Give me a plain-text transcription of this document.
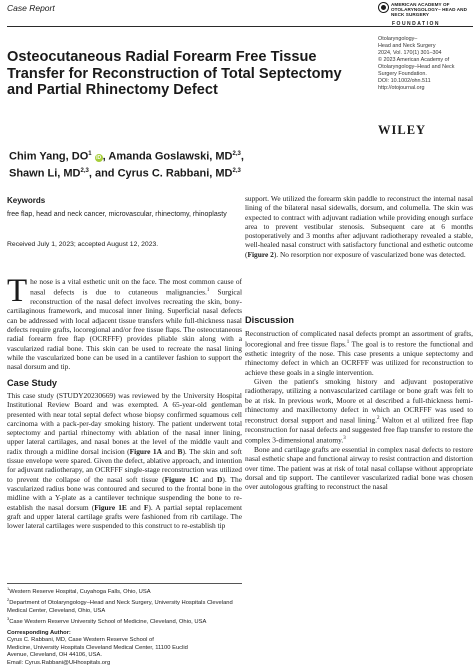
Case Report	AMERICAN ACADEMY OF OTOLARYNGOLOGY– HEAD AND NECK SURGERY
FOUNDATION
Osteocutaneous Radial Forearm Free Tissue Transfer for Reconstruction of Total Septectomy and Partial Rhinectomy Defect
Otolaryngology–
Head and Neck Surgery
2024, Vol. 170(1) 301–304
© 2023 American Academy of
Otolaryngology–Head and Neck
Surgery Foundation.
DOI: 10.1002/ohn.511
http://otojournal.org
WILEY
Chim Yang, $DO^1$ iD , Amanda Goslawski, MD$^{2,3}$,
Shawn Li, MD$^{2,3}$, and Cyrus C. Rabbani, MD$^{2,3}$
Keywords
free flap, head and neck cancer, microvascular, rhinectomy, rhinoplasty
Received July 1, 2023; accepted August 12, 2023.
The nose is a vital esthetic unit on the face. The most common cause of nasal defects is due to cutaneous malignancies.$^1$ Surgical reconstruction of the nasal defect involves recreating the skin, bony-cartilaginous framework, and mucosal inner lining. Superficial nasal defects can be addressed with local adjacent tissue transfers while full-thickness nasal defects require grafts, locoregional and/or free tissue flaps. The osteocutaneous radial forearm free flap (OCRFFF) provides pliable skin along with a vascularized radial bone. This skin can be used to recreate the nasal lining while the vascularized bone can be used in a cantilever fashion to support the nasal dorsum and tip.
Case Study
This case study (STUDY20230669) was reviewed by the University Hospital Institutional Review Board and was exempted. A 65-year-old gentleman presented with near total septal defect whose biopsy confirmed squamous cell carcinoma with a pack-per-day smoking history. The patient underwent total septectomy and partial rhinectomy with ablation of the nasal inner lining, upper lateral cartilages, and nasal bones at the level of the middle vault and radix through a midline dorsal incision (Figure 1A and B). The skin and soft tissue envelope were spared. Given the defect, ablative approach, and intention for adjuvant radiotherapy, an OCRFFF single-stage reconstruction was utilized to prevent the collapse of the nasal soft tissue (Figure 1C and D). The vascularized radius bone was contoured and secured to the frontal bone in the midline with a Y-plate as a cantilever technique suspending the bone to re-establish the nasal dorsum (Figure 1E and F). A partial septal replacement graft and upper lateral cartilage grafts were fashioned from rib cartilage. The lower lateral cartilages were suspended to this construct to re-establish tip
$^1$Western Reserve Hospital, Cuyahoga Falls, Ohio, USA
$^2$Department of Otolaryngology–Head and Neck Surgery, University Hospitals Cleveland Medical Center, Cleveland, Ohio, USA
$^3$Case Western Reserve University School of Medicine, Cleveland, Ohio, USA
Corresponding Author:
Cyrus C. Rabbani, MD, Case Western Reserve School of
Medicine, University Hospitals Cleveland Medical Center, 11100 Euclid
Avenue, Cleveland, OH 44106, USA.
Email: Cyrus.Rabbani@UHhospitals.org
support. We utilized the forearm skin paddle to reconstruct the internal nasal lining of the bilateral nasal sidewalls, dorsum, and columella. The skin was expected to contract with adjuvant radiation while providing enough surface area to prevent vestibular stenosis. Subsequent care at 6 months postoperatively and 3 months after adjuvant radiotherapy revealed a stable, well-healed nasal construct with satisfactory functional and esthetic outcome (Figure 2). No resorption nor exposure of vascularized bone was detected.
Discussion

Reconstruction of complicated nasal defects prompt an assortment of grafts, locoregional and free tissue flaps.$^1$ The goal is to restore the functional and esthetic integrity of the nose. This case presents a unique septectomy and rhinectomy defect in which an OCRFFF was utilized for reconstruction to achieve these goals in a single intervention.

Given the patient's smoking history and adjuvant postoperative radiotherapy, utilizing a nonvascularized cartilage or bone graft was felt to be at risk. In previous work, Moore et al described a full-thickness hemi-rhinectomy and maxillectomy defect in which an OCRFFF was used to reconstruct dorsal support and nasal lining.$^2$ Walton et al utilized free flap reconstruction for nasal defects and suggested free flap transfer to restore the complex 3-dimensional anatomy.$^3$

Bone and cartilage grafts are essential in complex nasal defects to restore nasal esthetic shape and functional airway to resist contraction and distortion over time. The patient was at risk of total nasal collapse without appropriate dorsal and tip support. The cantilever vascularized radial bone was chosen over autologous grafting to reconstruct the nasal
